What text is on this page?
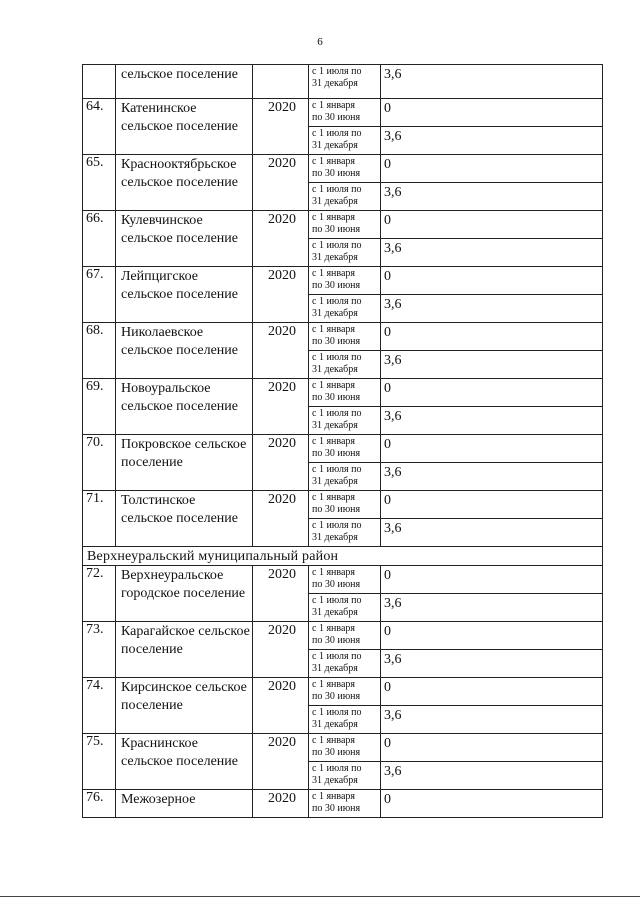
6
	сельское поселение		с 1 июля по
31 декабря	3,6
64.	Катенинское сельское поселение	2020	с 1 января
по 30 июня	0
			с 1 июля по
31 декабря	3,6
65.	Краснооктябрьское сельское поселение	2020	с 1 января
по 30 июня	0
			с 1 июля по
31 декабря	3,6
66.	Кулевчинское сельское поселение	2020	с 1 января
по 30 июня	0
			с 1 июля по
31 декабря	3,6
67.	Лейпцигское сельское поселение	2020	с 1 января
по 30 июня	0
			с 1 июля по
31 декабря	3,6
68.	Николаевское сельское поселение	2020	с 1 января
по 30 июня	0
			с 1 июля по
31 декабря	3,6
69.	Новоуральское сельское поселение	2020	с 1 января
по 30 июня	0
			с 1 июля по
31 декабря	3,6
70.	Покровское сельское поселение	2020	с 1 января
по 30 июня	0
			с 1 июля по
31 декабря	3,6
71.	Толстинское сельское поселение	2020	с 1 января
по 30 июня	0
			с 1 июля по
31 декабря	3,6
Верхнеуральский муниципальный район				
72.	Верхнеуральское городское поселение	2020	с 1 января
по 30 июня	0
			с 1 июля по
31 декабря	3,6
73.	Карагайское сельское поселение	2020	с 1 января
по 30 июня	0
			с 1 июля по
31 декабря	3,6
74.	Кирсинское сельское поселение	2020	с 1 января
по 30 июня	0
			с 1 июля по
31 декабря	3,6
75.	Краснинское сельское поселение	2020	с 1 января
по 30 июня	0
			с 1 июля по
31 декабря	3,6
76.	Межозерное	2020	с 1 января
по 30 июня	0
